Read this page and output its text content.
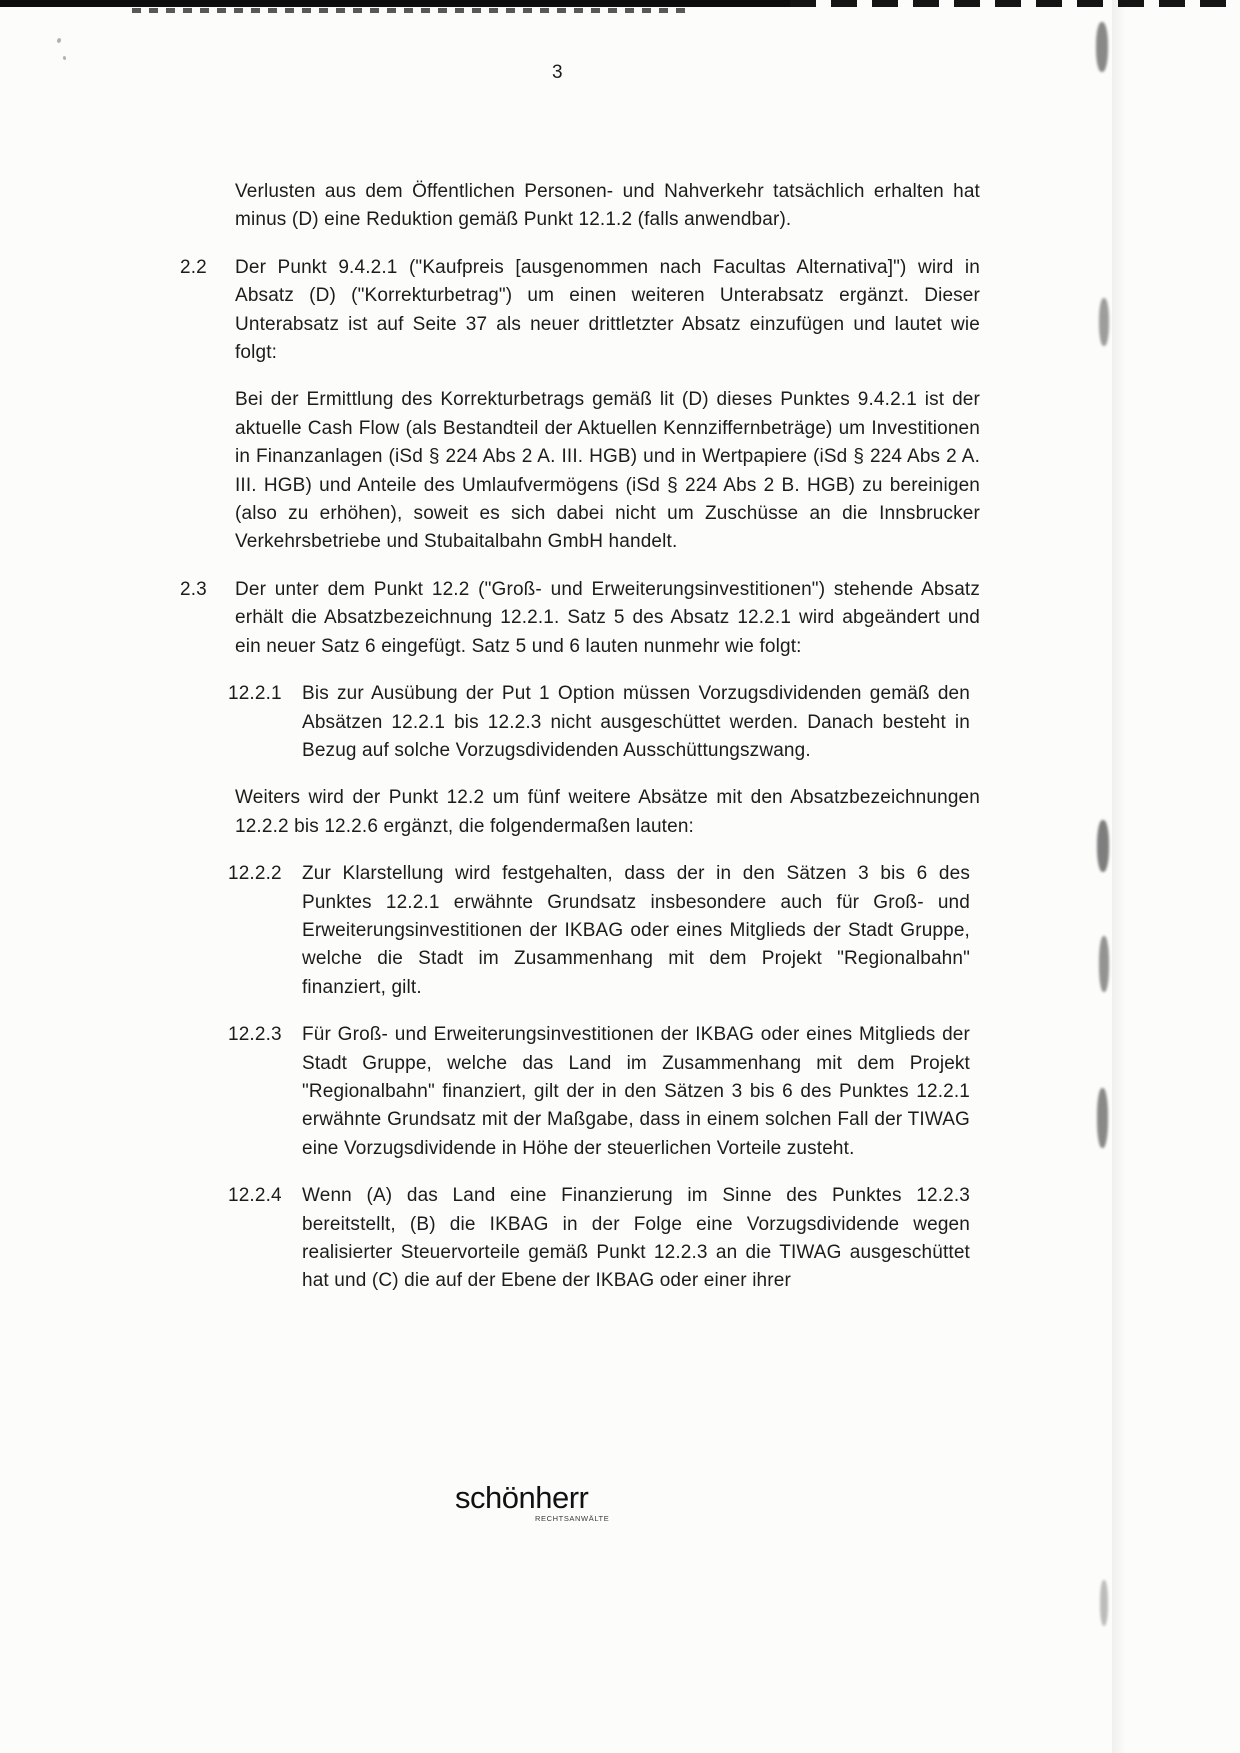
3

Verlusten aus dem Öffentlichen Personen- und Nahverkehr tatsächlich erhalten hat minus (D) eine Reduktion gemäß Punkt 12.1.2 (falls anwendbar).

2.2	Der Punkt 9.4.2.1 ("Kaufpreis [ausgenommen nach Facultas Alternativa]") wird in Absatz (D) ("Korrekturbetrag") um einen weiteren Unterabsatz ergänzt. Dieser Unterabsatz ist auf Seite 37 als neuer drittletzter Absatz einzufügen und lautet wie folgt:

Bei der Ermittlung des Korrekturbetrags gemäß lit (D) dieses Punktes 9.4.2.1 ist der aktuelle Cash Flow (als Bestandteil der Aktuellen Kennziffernbeträge) um Investitionen in Finanzanlagen (iSd § 224 Abs 2 A. III. HGB) und in Wertpapiere (iSd § 224 Abs 2 A. III. HGB) und Anteile des Umlaufvermögens (iSd § 224 Abs 2 B. HGB) zu bereinigen (also zu erhöhen), soweit es sich dabei nicht um Zuschüsse an die Innsbrucker Verkehrsbetriebe und Stubaitalbahn GmbH handelt.

2.3	Der unter dem Punkt 12.2 ("Groß- und Erweiterungsinvestitionen") stehende Absatz erhält die Absatzbezeichnung 12.2.1. Satz 5 des Absatz 12.2.1 wird abgeändert und ein neuer Satz 6 eingefügt. Satz 5 und 6 lauten nunmehr wie folgt:
12.2.1	Bis zur Ausübung der Put 1 Option müssen Vorzugsdividenden gemäß den Absätzen 12.2.1 bis 12.2.3 nicht ausgeschüttet werden. Danach besteht in Bezug auf solche Vorzugsdividenden Ausschüttungszwang.

Weiters wird der Punkt 12.2 um fünf weitere Absätze mit den Absatzbezeichnungen 12.2.2 bis 12.2.6 ergänzt, die folgendermaßen lauten:

12.2.2	Zur Klarstellung wird festgehalten, dass der in den Sätzen 3 bis 6 des Punktes 12.2.1 erwähnte Grundsatz insbesondere auch für Groß- und Erweiterungsinvestitionen der IKBAG oder eines Mitglieds der Stadt Gruppe, welche die Stadt im Zusammenhang mit dem Projekt "Regionalbahn" finanziert, gilt.
12.2.3	Für Groß- und Erweiterungsinvestitionen der IKBAG oder eines Mitglieds der Stadt Gruppe, welche das Land im Zusammenhang mit dem Projekt "Regionalbahn" finanziert, gilt der in den Sätzen 3 bis 6 des Punktes 12.2.1 erwähnte Grundsatz mit der Maßgabe, dass in einem solchen Fall der TIWAG eine Vorzugsdividende in Höhe der steuerlichen Vorteile zusteht.
12.2.4	Wenn (A) das Land eine Finanzierung im Sinne des Punktes 12.2.3 bereitstellt, (B) die IKBAG in der Folge eine Vorzugsdividende wegen realisierter Steuervorteile gemäß Punkt 12.2.3 an die TIWAG ausgeschüttet hat und (C) die auf der Ebene der IKBAG oder einer ihrer
schönherr
RECHTSANWÄLTE
